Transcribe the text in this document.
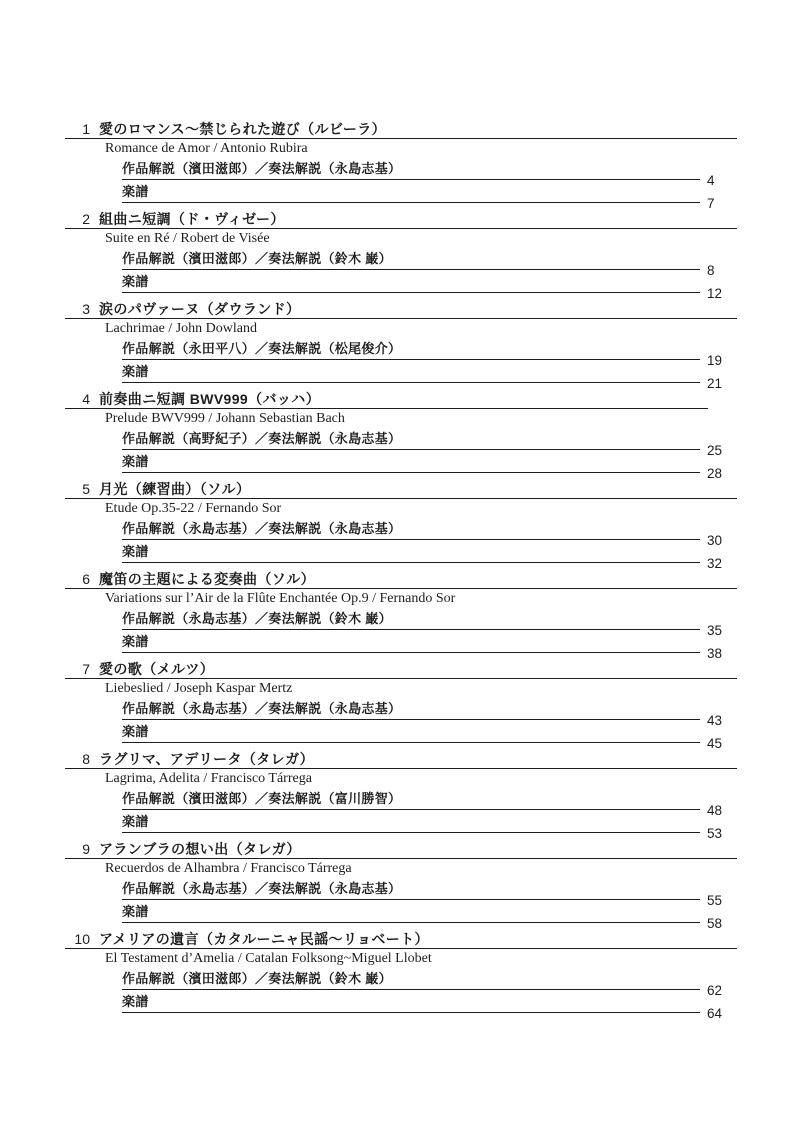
1 愛のロマンス～禁じられた遊び（ルビーラ）
Romance de Amor / Antonio Rubira
作品解説（濱田滋郎）／奏法解説（永島志基）
4
楽譜
7
2 組曲ニ短調（ド・ヴィゼー）
Suite en Ré / Robert de Visée
作品解説（濱田滋郎）／奏法解説（鈴木 巌）
8
楽譜
12
3 涙のパヴァーヌ（ダウランド）
Lachrimae / John Dowland
作品解説（永田平八）／奏法解説（松尾俊介）
19
楽譜
21
4 前奏曲ニ短調 BWV999（バッハ）
Prelude BWV999 / Johann Sebastian Bach
作品解説（高野紀子）／奏法解説（永島志基）
25
楽譜
28
5 月光（練習曲）（ソル）
Etude Op.35-22 / Fernando Sor
作品解説（永島志基）／奏法解説（永島志基）
30
楽譜
32
6 魔笛の主題による変奏曲（ソル）
Variations sur l’Air de la Flûte Enchantée Op.9 / Fernando Sor
作品解説（永島志基）／奏法解説（鈴木 巌）
35
楽譜
38
7 愛の歌（メルツ）
Liebeslied / Joseph Kaspar Mertz
作品解説（永島志基）／奏法解説（永島志基）
43
楽譜
45
8 ラグリマ、アデリータ（タレガ）
Lagrima, Adelita / Francisco Tárrega
作品解説（濱田滋郎）／奏法解説（富川勝智）
48
楽譜
53
9 アランブラの想い出（タレガ）
Recuerdos de Alhambra / Francisco Tárrega
作品解説（永島志基）／奏法解説（永島志基）
55
楽譜
58
10 アメリアの遺言（カタルーニャ民謡～リョベート）
El Testament d’Amelia / Catalan Folksong~Miguel Llobet
作品解説（濱田滋郎）／奏法解説（鈴木 巌）
62
楽譜
64
